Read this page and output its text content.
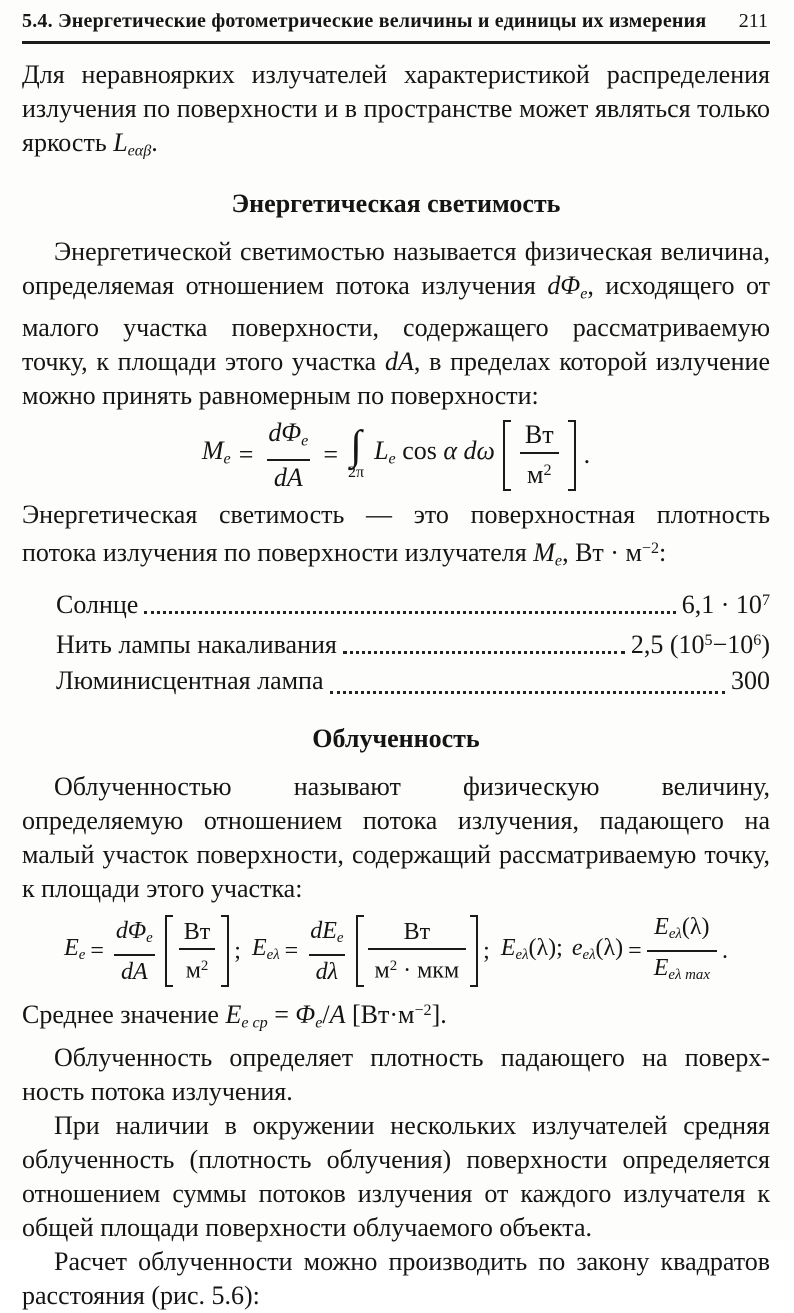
5.4. Энергетические фотометрические величины и единицы их измерения 211

Для неравноярких излучателей характеристикой распределения излучения по поверхности и в пространстве может являться только яркость Leαβ.

Энергетическая светимость

Энергетической светимостью называется физическая величина, определяемая отношением потока излучения dΦe, исходящего от малого участка поверхности, содержащего рассматриваемую точку, к площади этого участка dA, в пределах которой излучение можно принять равномерным по поверхности:

$Me = \frac{\text{dΦe}}{dA}$ = ∫
2π
Le cos α dω $\frac{Вт}{м^2}$ .

Энергетическая светимость — это поверхностная плотность потока излучения по поверхности излучателя Me, Вт · $м^{-2}$:

Солнце	$6,1 \cdot 10^7$
Нить лампы накаливания	2,5 $(10^5-10^6)$
Люминисцентная лампа	300
Облученность

Облученностью называют физическую величину, определяемую отношением потока излучения, падающего на малый участок поверхности, содержащий рассматриваемую точку, к площади этого участка:

$Ee = \frac{\text{dΦe}}{dA} \frac{Вт}{м^2}$ ; $Ee\lambda = \frac{\text{dEe}}{d\lambda} \frac{Вт}{м^2 \cdot мкм}$ ; Eeλ(λ); $ee\lambda(\lambda) = \frac{\text{Eeλ(λ)}}{\text{Eeλ max}}$ .

Среднее значение Ee ср = Φe/A $[Вт\cdot м^{-2}]$.

Облученность определяет плотность падающего на поверхность потока излучения.

При наличии в окружении нескольких излучателей средняя облученность (плотность облучения) поверхности определяется отношением суммы потоков излучения от каждого излучателя к общей площади поверхности облучаемого объекта.

Расчет облученности можно производить по закону квадратов расстояния (рис. 5.6):
